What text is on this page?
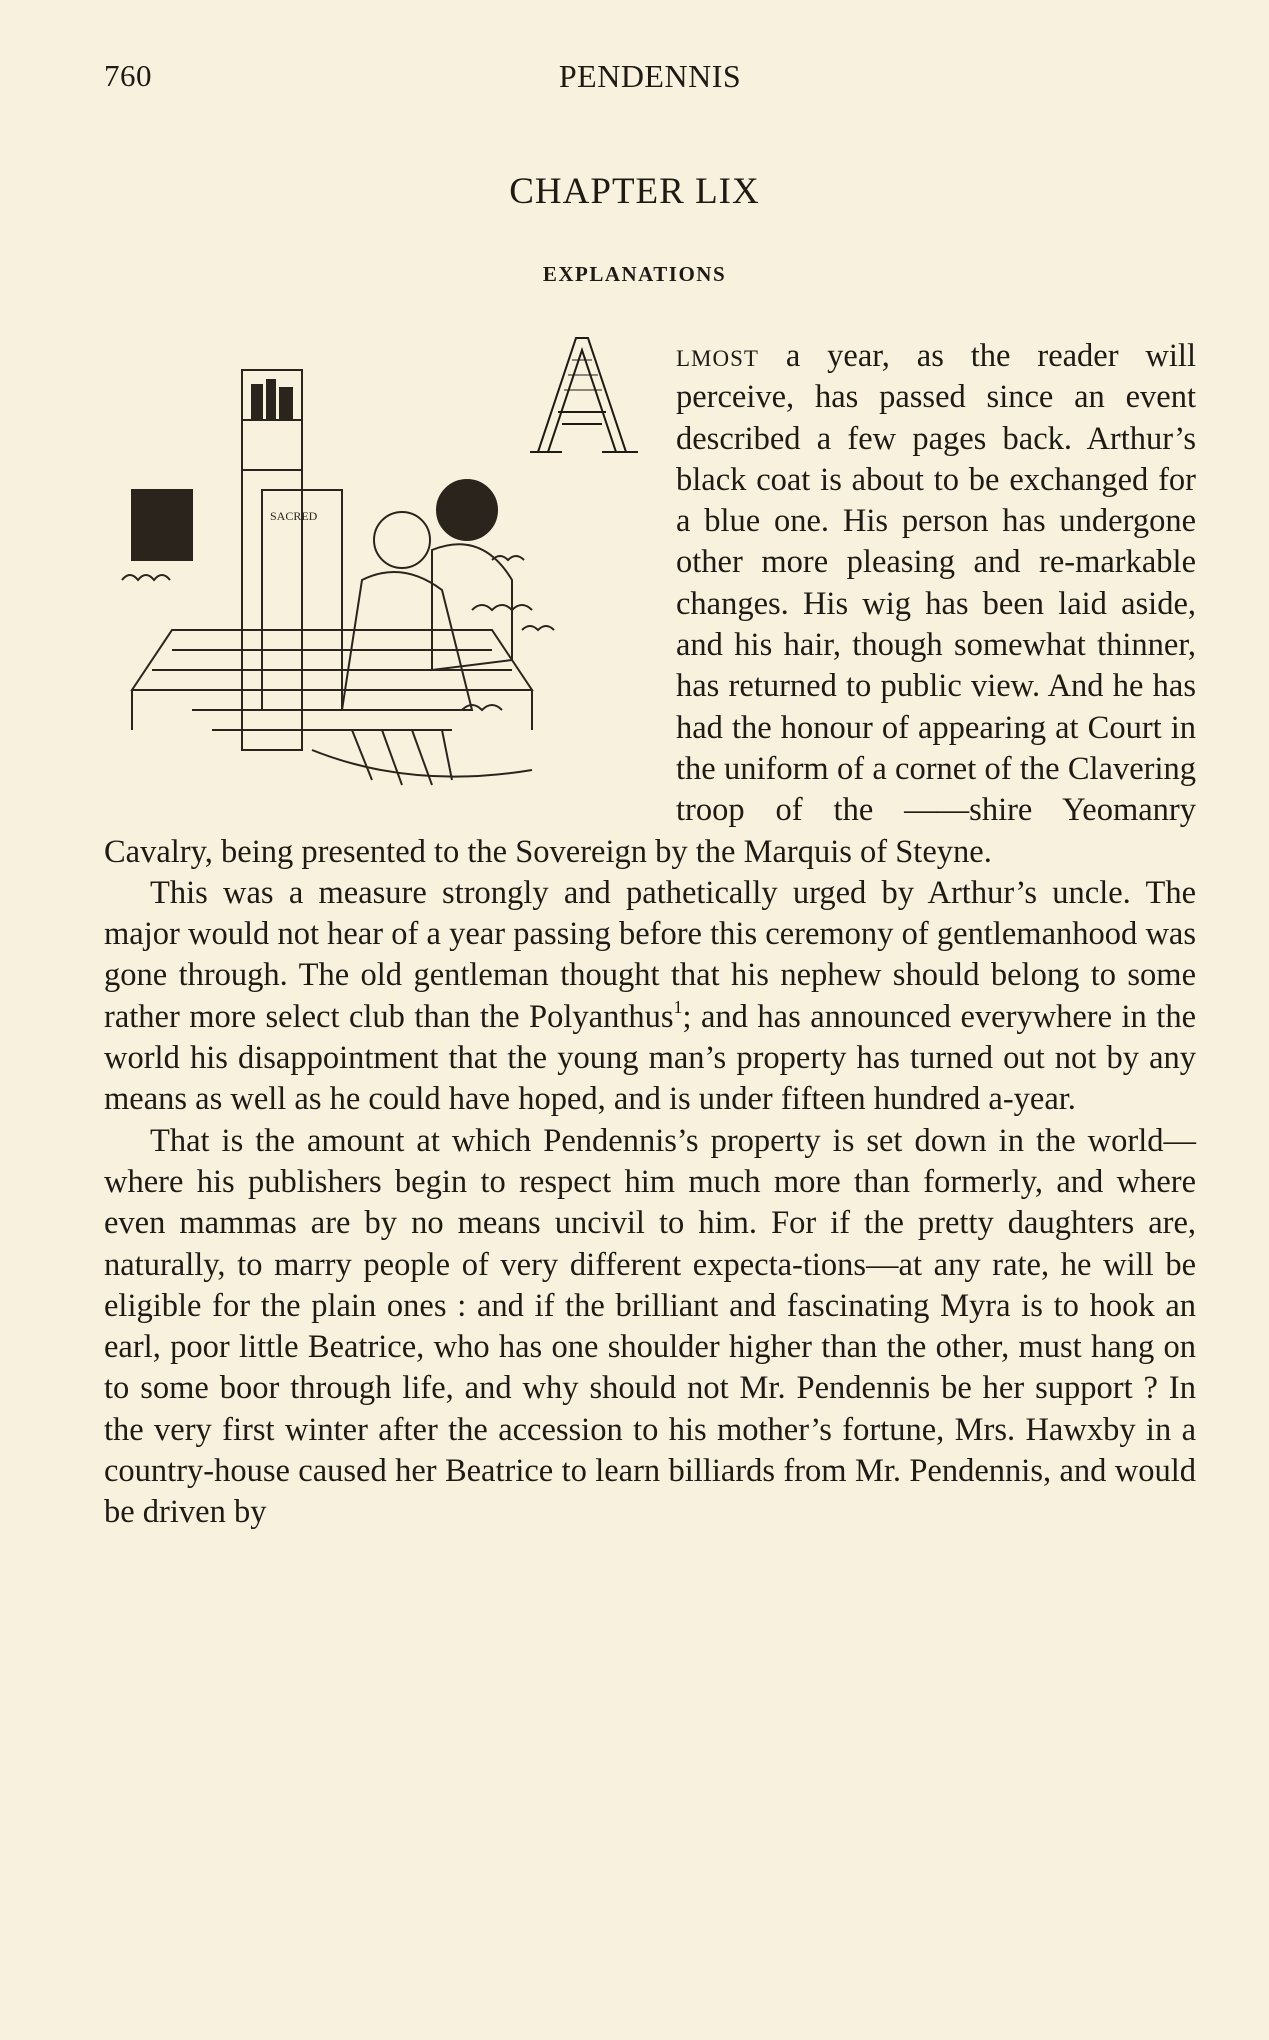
760	PENDENNIS
CHAPTER LIX
EXPLANATIONS
SACRED

lmost a year, as the reader will perceive, has passed since an event described a few pages back. Arthur’s black coat is about to be exchanged for a blue one. His person has undergone other more pleasing and re-markable changes. His wig has been laid aside, and his hair, though somewhat thinner, has returned to public view. And he has had the honour of appearing at Court in the uniform of a cornet of the Clavering troop of the ——shire Yeomanry Cavalry, being presented to the Sovereign by the Marquis of Steyne.

This was a measure strongly and pathetically urged by Arthur’s uncle. The major would not hear of a year passing before this ceremony of gentlemanhood was gone through. The old gentleman thought that his nephew should belong to some rather more select club than the Polyanthus$^1$; and has announced everywhere in the world his disappointment that the young man’s property has turned out not by any means as well as he could have hoped, and is under fifteen hundred a-year.

That is the amount at which Pendennis’s property is set down in the world—where his publishers begin to respect him much more than formerly, and where even mammas are by no means uncivil to him. For if the pretty daughters are, naturally, to marry people of very different expecta-tions—at any rate, he will be eligible for the plain ones : and if the brilliant and fascinating Myra is to hook an earl, poor little Beatrice, who has one shoulder higher than the other, must hang on to some boor through life, and why should not Mr. Pendennis be her support ? In the very first winter after the accession to his mother’s fortune, Mrs. Hawxby in a country-house caused her Beatrice to learn billiards from Mr. Pendennis, and would be driven by
